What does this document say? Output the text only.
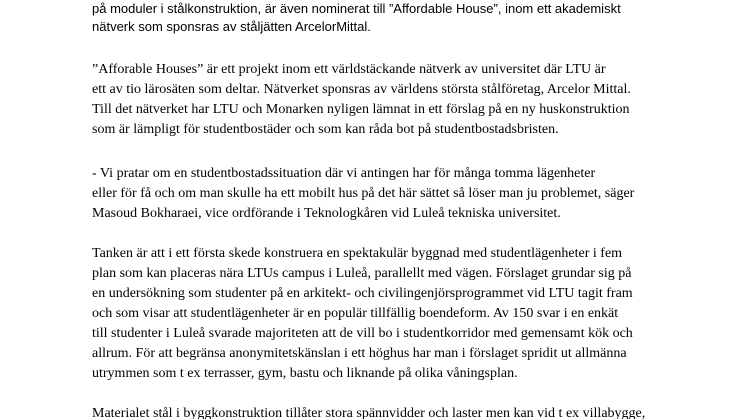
på moduler i stålkonstruktion, är även nominerat till ”Affordable House”, inom ett akademiskt
nätverk som sponsras av ståljätten ArcelorMittal.
”Afforable Houses” är ett projekt inom ett världstäckande nätverk av universitet där LTU är
ett av tio lärosäten som deltar. Nätverket sponsras av världens största stålföretag, Arcelor Mittal.
Till det nätverket har LTU och Monarken nyligen lämnat in ett förslag på en ny huskonstruktion
som är lämpligt för studentbostäder och som kan råda bot på studentbostadsbristen.
- Vi pratar om en studentbostadssituation där vi antingen har för många tomma lägenheter
eller för få och om man skulle ha ett mobilt hus på det här sättet så löser man ju problemet, säger
Masoud Bokharaei, vice ordförande i Teknologkåren vid Luleå tekniska universitet.
Tanken är att i ett första skede konstruera en spektakulär byggnad med studentlägenheter i fem
plan som kan placeras nära LTUs campus i Luleå, parallellt med vägen. Förslaget grundar sig på
en undersökning som studenter på en arkitekt- och civilingenjörsprogrammet vid LTU tagit fram
och som visar att studentlägenheter är en populär tillfällig boendeform. Av 150 svar i en enkät
till studenter i Luleå svarade majoriteten att de vill bo i studentkorridor med gemensamt kök och
allrum. För att begränsa anonymitetskänslan i ett höghus har man i förslaget spridit ut allmänna
utrymmen som t ex terrasser, gym, bastu och liknande på olika våningsplan.
Materialet stål i byggkonstruktion tillåter stora spännvidder och laster men kan vid t ex villabygge,
